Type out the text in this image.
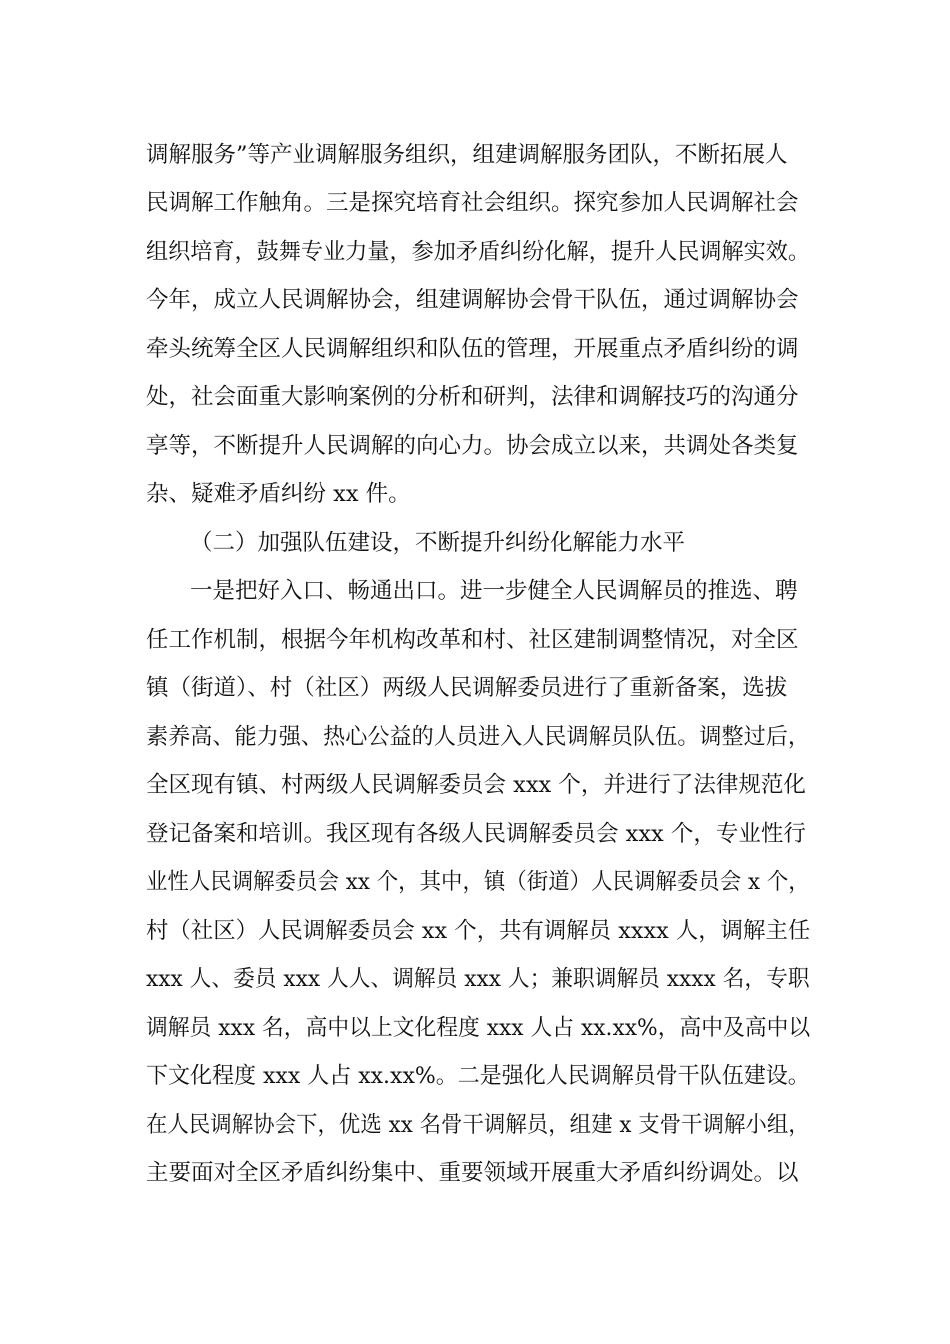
调解服务”等产业调解服务组织，组建调解服务团队，不断拓展人
民调解工作触角。三是探究培育社会组织。探究参加人民调解社会
组织培育，鼓舞专业力量，参加矛盾纠纷化解，提升人民调解实效。
今年，成立人民调解协会，组建调解协会骨干队伍，通过调解协会
牵头统筹全区人民调解组织和队伍的管理，开展重点矛盾纠纷的调
处，社会面重大影响案例的分析和研判，法律和调解技巧的沟通分
享等，不断提升人民调解的向心力。协会成立以来，共调处各类复
杂、疑难矛盾纠纷 xx 件。
（二）加强队伍建设，不断提升纠纷化解能力水平
一是把好入口、畅通出口。进一步健全人民调解员的推选、聘
任工作机制，根据今年机构改革和村、社区建制调整情况，对全区
镇（街道）、村（社区）两级人民调解委员进行了重新备案，选拔
素养高、能力强、热心公益的人员进入人民调解员队伍。调整过后，
全区现有镇、村两级人民调解委员会 xxx 个，并进行了法律规范化
登记备案和培训。我区现有各级人民调解委员会 xxx 个，专业性行
业性人民调解委员会 xx 个，其中，镇（街道）人民调解委员会 x 个，
村（社区）人民调解委员会 xx 个，共有调解员 xxxx 人，调解主任
xxx 人、委员 xxx 人人、调解员 xxx 人；兼职调解员 xxxx 名，专职
调解员 xxx 名，高中以上文化程度 xxx 人占 xx.xx%，高中及高中以
下文化程度 xxx 人占 xx.xx%。二是强化人民调解员骨干队伍建设。
在人民调解协会下，优选 xx 名骨干调解员，组建 x 支骨干调解小组，
主要面对全区矛盾纠纷集中、重要领域开展重大矛盾纠纷调处。以
